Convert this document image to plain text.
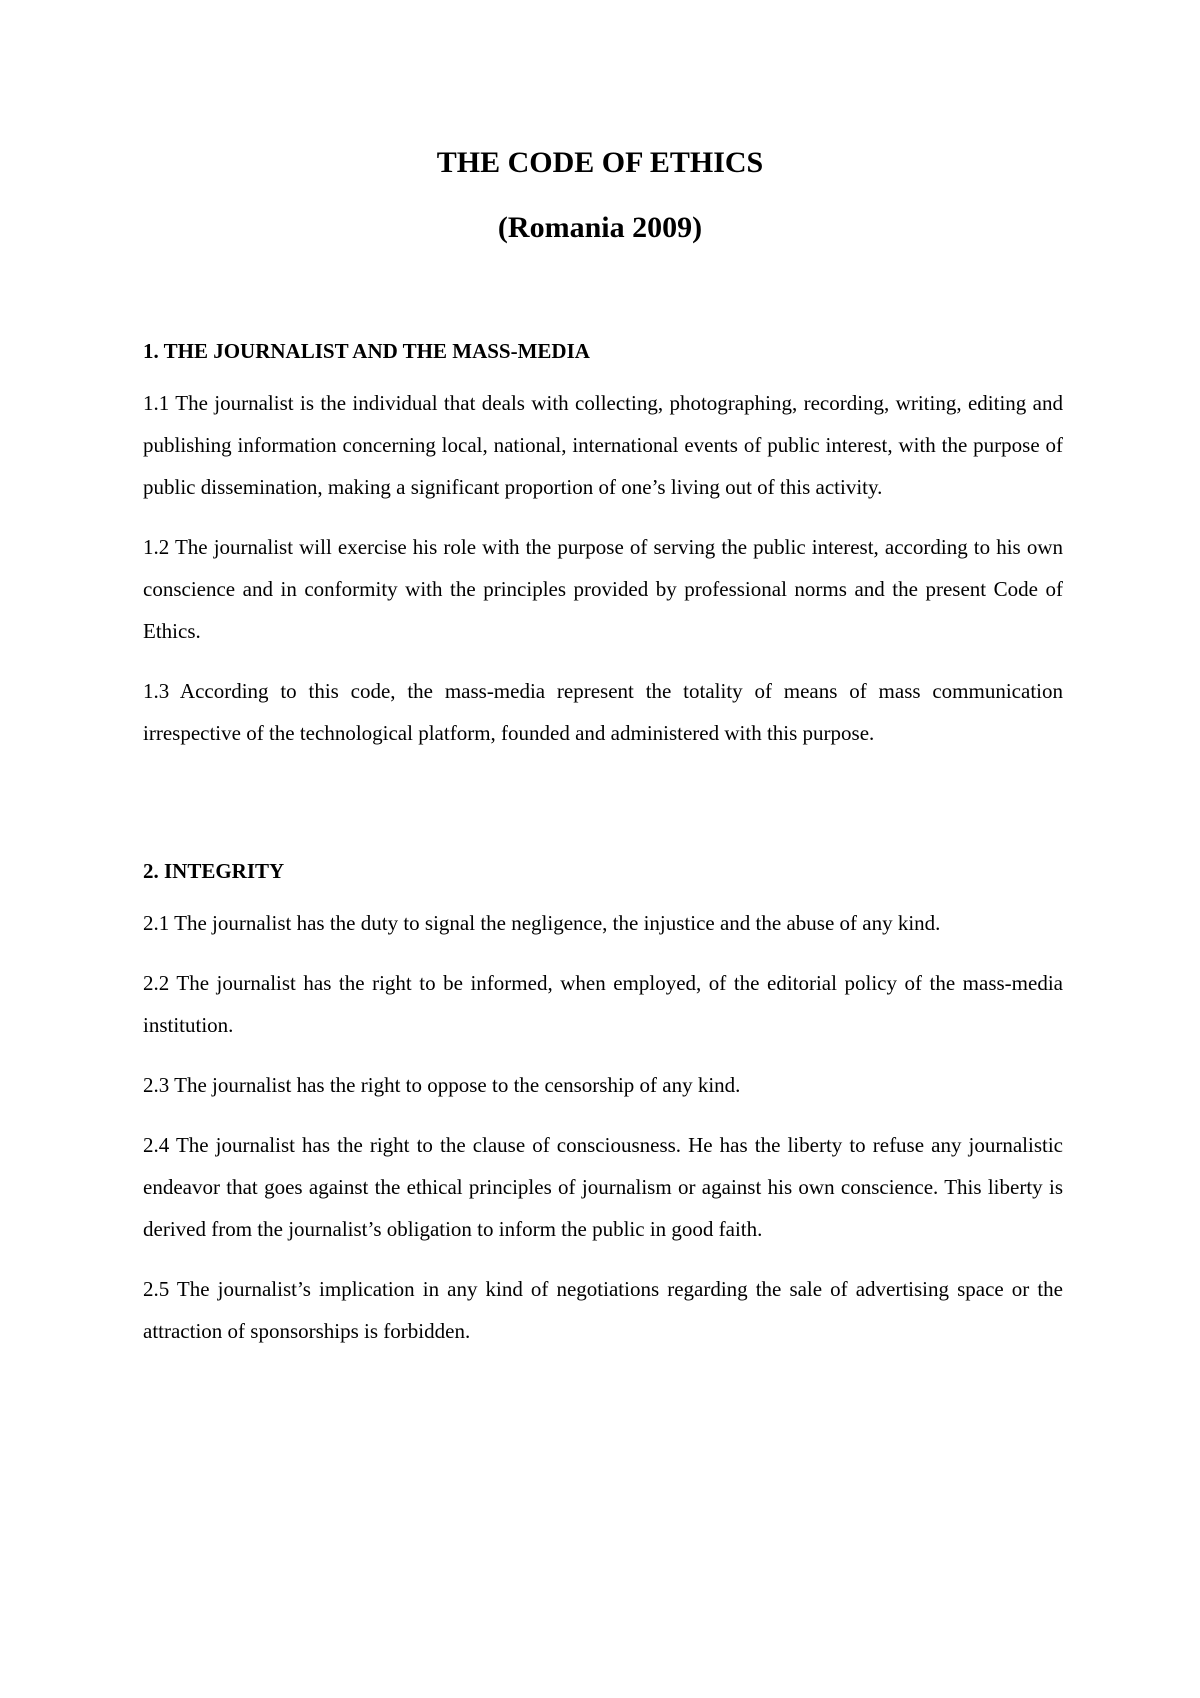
THE CODE OF ETHICS
(Romania 2009)

1. THE JOURNALIST AND THE MASS-MEDIA

1.1 The journalist is the individual that deals with collecting, photographing, recording, writing, editing and publishing information concerning local, national, international events of public interest, with the purpose of public dissemination, making a significant proportion of one’s living out of this activity.

1.2 The journalist will exercise his role with the purpose of serving the public interest, according to his own conscience and in conformity with the principles provided by professional norms and the present Code of Ethics.

1.3 According to this code, the mass-media represent the totality of means of mass communication irrespective of the technological platform, founded and administered with this purpose.

2. INTEGRITY

2.1 The journalist has the duty to signal the negligence, the injustice and the abuse of any kind.

2.2 The journalist has the right to be informed, when employed, of the editorial policy of the mass-media institution.

2.3 The journalist has the right to oppose to the censorship of any kind.

2.4 The journalist has the right to the clause of consciousness. He has the liberty to refuse any journalistic endeavor that goes against the ethical principles of journalism or against his own conscience. This liberty is derived from the journalist’s obligation to inform the public in good faith.

2.5 The journalist’s implication in any kind of negotiations regarding the sale of advertising space or the attraction of sponsorships is forbidden.
